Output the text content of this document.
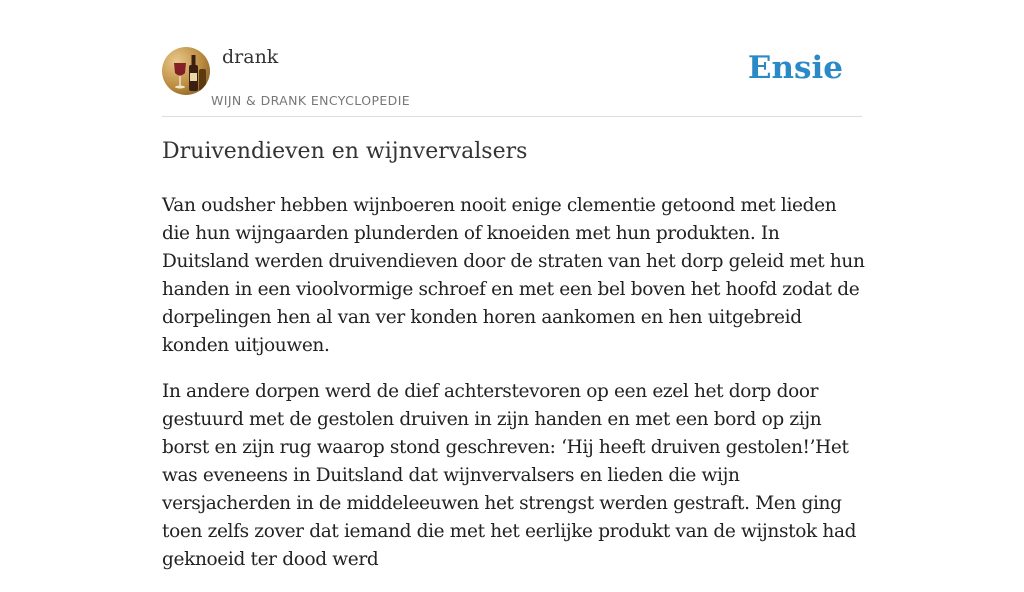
drank
WIJN & DRANK ENCYCLOPEDIE
Ensie
Druivendieven en wijnvervalsers

Van oudsher hebben wijnboeren nooit enige clementie getoond met lieden die hun wijngaarden plunderden of knoeiden met hun produkten. In Duitsland werden druivendieven door de straten van het dorp geleid met hun handen in een vioolvormige schroef en met een bel boven het hoofd zodat de dorpelingen hen al van ver konden horen aankomen en hen uitgebreid konden uitjouwen.

In andere dorpen werd de dief achterstevoren op een ezel het dorp door gestuurd met de gestolen druiven in zijn handen en met een bord op zijn borst en zijn rug waarop stond geschreven: ‘Hij heeft druiven gestolen!’Het was eveneens in Duitsland dat wijnvervalsers en lieden die wijn versjacherden in de middeleeuwen het strengst werden gestraft. Men ging toen zelfs zover dat iemand die met het eerlijke produkt van de wijnstok had geknoeid ter dood werd
